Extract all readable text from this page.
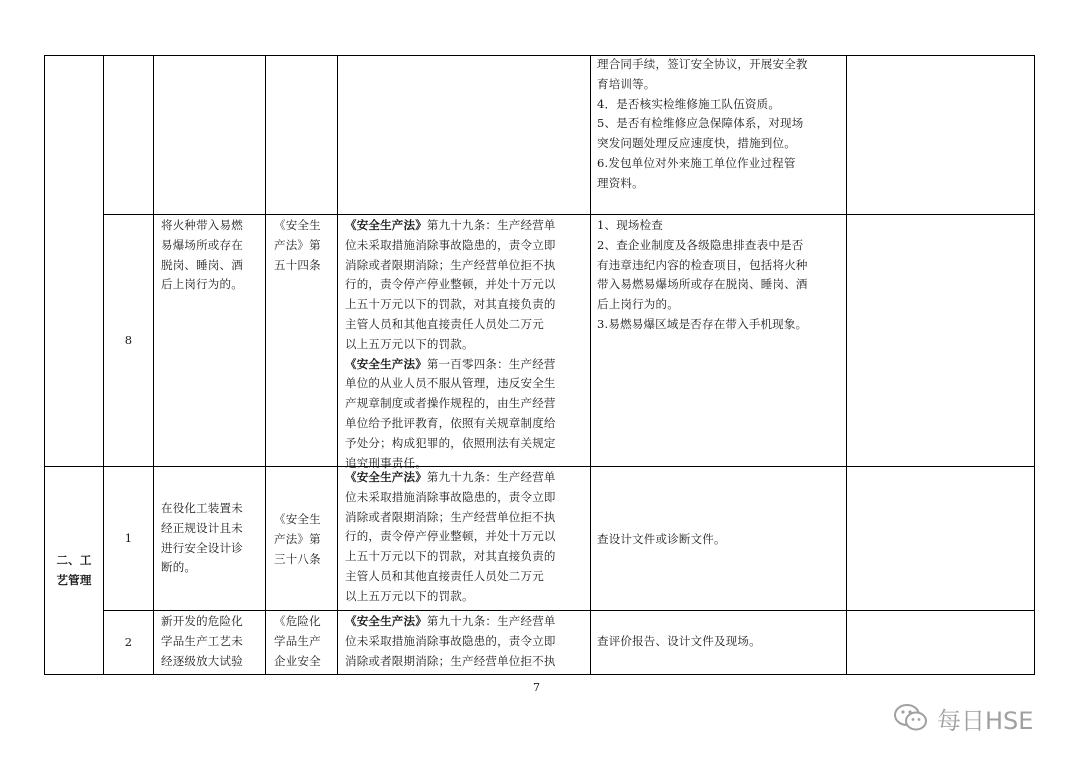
理合同手续，签订安全协议，开展安全教
育培训等。
4．是否核实检维修施工队伍资质。
5、是否有检维修应急保障体系，对现场
突发问题处理反应速度快，措施到位。
6.发包单位对外来施工单位作业过程管
理资料。
8
将火种带入易燃
易爆场所或存在
脱岗、睡岗、酒
后上岗行为的。
《安全生
产法》第
五十四条
《安全生产法》第九十九条：生产经营单
位未采取措施消除事故隐患的，责令立即
消除或者限期消除；生产经营单位拒不执
行的，责令停产停业整顿，并处十万元以
上五十万元以下的罚款，对其直接负责的
主管人员和其他直接责任人员处二万元
以上五万元以下的罚款。
《安全生产法》第一百零四条：生产经营
单位的从业人员不服从管理，违反安全生
产规章制度或者操作规程的，由生产经营
单位给予批评教育，依照有关规章制度给
予处分；构成犯罪的，依照刑法有关规定
追究刑事责任。
1、现场检查
2、查企业制度及各级隐患排查表中是否
有违章违纪内容的检查项目，包括将火种
带入易燃易爆场所或存在脱岗、睡岗、酒
后上岗行为的。
3.易燃易爆区域是否存在带入手机现象。
二、工
艺管理
1
在役化工装置未
经正规设计且未
进行安全设计诊
断的。
《安全生
产法》第
三十八条
《安全生产法》第九十九条：生产经营单
位未采取措施消除事故隐患的，责令立即
消除或者限期消除；生产经营单位拒不执
行的，责令停产停业整顿，并处十万元以
上五十万元以下的罚款，对其直接负责的
主管人员和其他直接责任人员处二万元
以上五万元以下的罚款。
查设计文件或诊断文件。
2
新开发的危险化
学品生产工艺未
经逐级放大试验
《危险化
学品生产
企业安全
《安全生产法》第九十九条：生产经营单
位未采取措施消除事故隐患的，责令立即
消除或者限期消除；生产经营单位拒不执
查评价报告、设计文件及现场。
7
每日HSE
